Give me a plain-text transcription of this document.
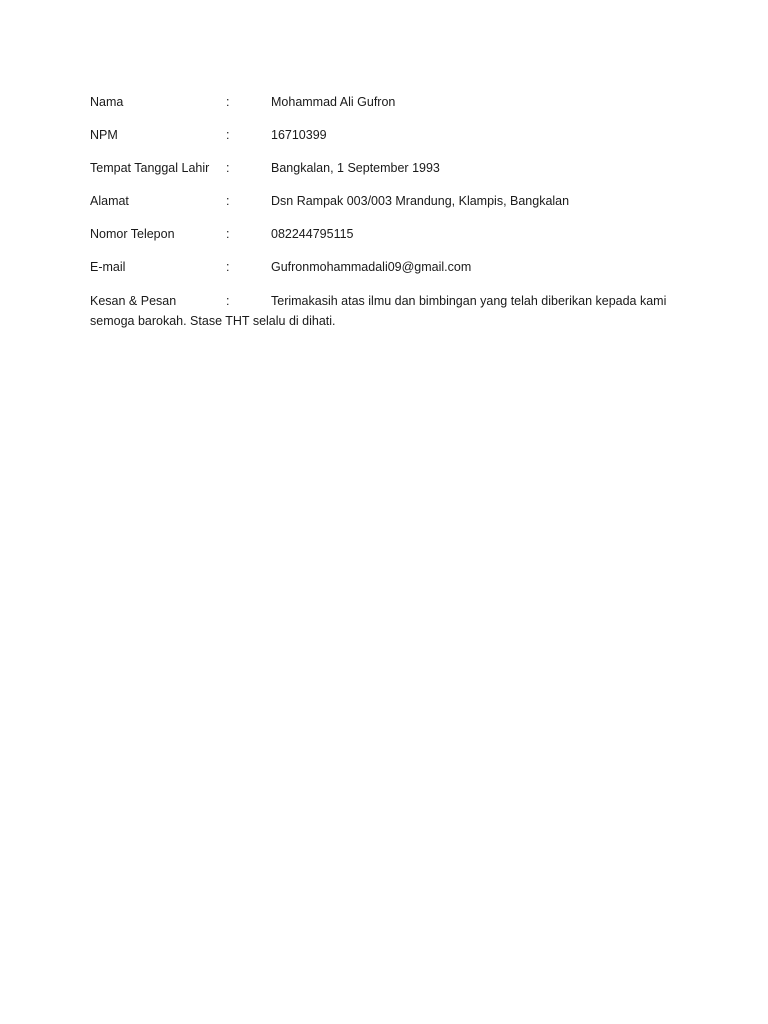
Nama	:	Mohammad Ali Gufron
NPM	:	16710399
Tempat Tanggal Lahir :	Bangkalan, 1 September 1993
Alamat	:	Dsn Rampak 003/003 Mrandung, Klampis, Bangkalan
Nomor Telepon	:	082244795115
E-mail	:	Gufronmohammadali09@gmail.com
Kesan & Pesan	:	Terimakasih atas ilmu dan bimbingan yang telah diberikan kepada kami
semoga barokah. Stase THT selalu di dihati.
